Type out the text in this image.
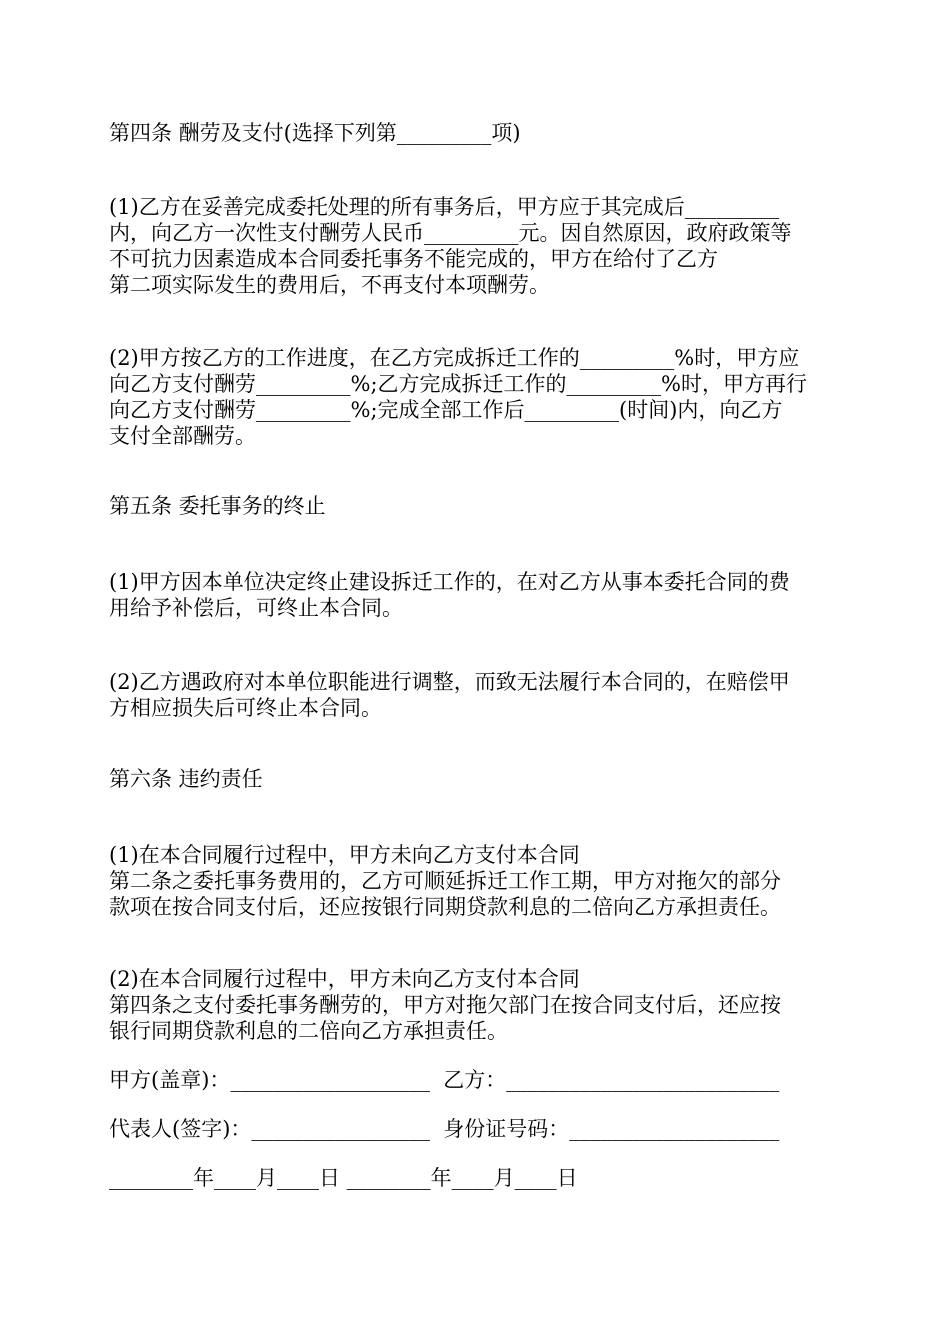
第四条 酬劳及支付(选择下列第_________项)

(1)乙方在妥善完成委托处理的所有事务后，甲方应于其完成后_________

内，向乙方一次性支付酬劳人民币_________元。因自然原因，政府政策等

不可抗力因素造成本合同委托事务不能完成的，甲方在给付了乙方

第二项实际发生的费用后，不再支付本项酬劳。

(2)甲方按乙方的工作进度，在乙方完成拆迁工作的_________%时，甲方应

向乙方支付酬劳_________%;乙方完成拆迁工作的_________%时，甲方再行

向乙方支付酬劳_________%;完成全部工作后_________(时间)内，向乙方

支付全部酬劳。

第五条 委托事务的终止

(1)甲方因本单位决定终止建设拆迁工作的，在对乙方从事本委托合同的费

用给予补偿后，可终止本合同。

(2)乙方遇政府对本单位职能进行调整，而致无法履行本合同的，在赔偿甲

方相应损失后可终止本合同。

第六条 违约责任

(1)在本合同履行过程中，甲方未向乙方支付本合同

第二条之委托事务费用的，乙方可顺延拆迁工作工期，甲方对拖欠的部分

款项在按合同支付后，还应按银行同期贷款利息的二倍向乙方承担责任。

(2)在本合同履行过程中，甲方未向乙方支付本合同

第四条之支付委托事务酬劳的，甲方对拖欠部门在按合同支付后，还应按

银行同期贷款利息的二倍向乙方承担责任。

甲方(盖章)：___________________  乙方：__________________________

代表人(签字)：_________________  身份证号码：____________________

________年____月____日 ________年____月____日
